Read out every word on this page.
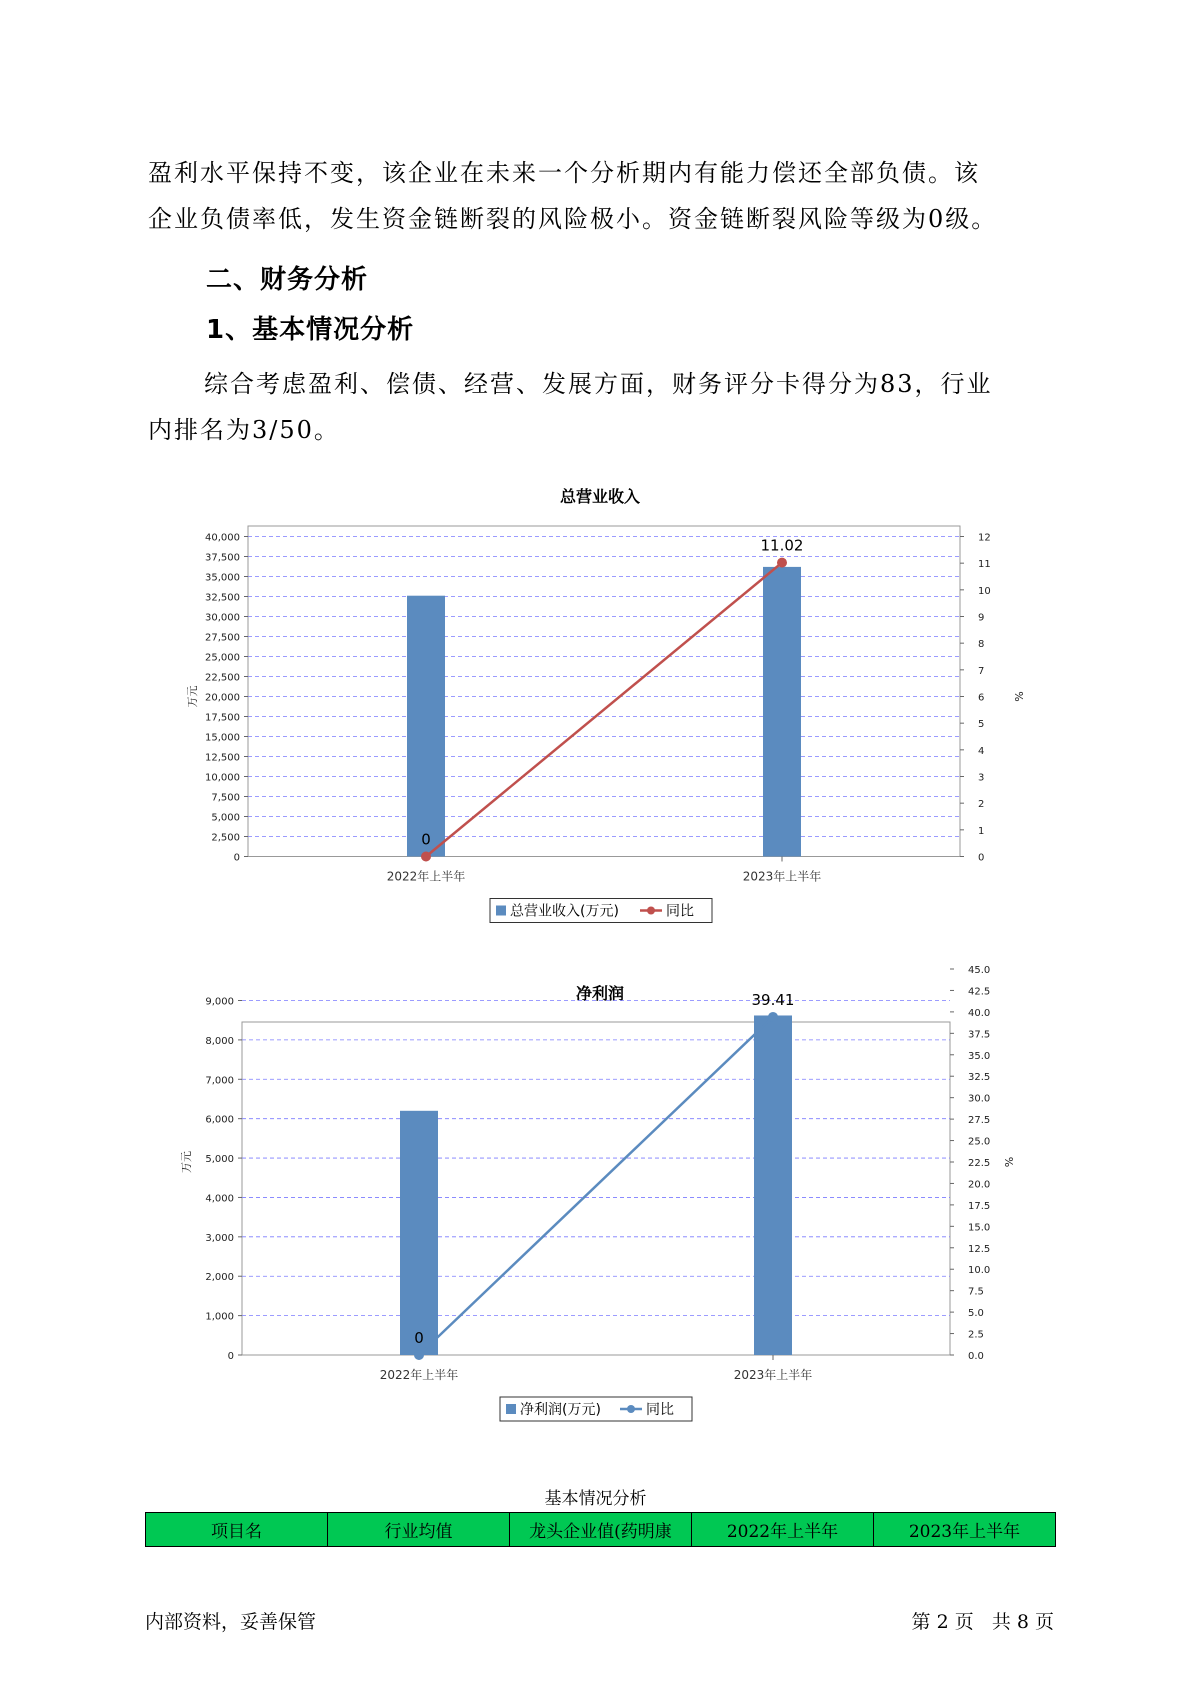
盈利水平保持不变，该企业在未来一个分析期内有能力偿还全部负债。该

企业负债率低，发生资金链断裂的风险极小。资金链断裂风险等级为0级。

二、财务分析
1、基本情况分析

综合考虑盈利、偿债、经营、发展方面，财务评分卡得分为83，行业

内排名为3/50。

总营业收入
0
2,500
5,000
7,500
10,000
12,500
15,000
17,500
20,000
22,500
25,000
27,500
30,000
32,500
35,000
37,500
40,000
0
1
2
3
4
5
6
7
8
9
10
11
12
万元	%
2022年上半年	2023年上半年
0
11.02
总营业收入(万元)	同比
净利润
0
1,000
2,000
3,000
4,000
5,000
6,000
7,000
8,000
9,000
0.0
2.5
5.0
7.5
10.0
12.5
15.0
17.5
20.0
22.5
25.0
27.5
30.0
32.5
35.0
37.5
40.0
42.5
45.0
万元	%
2022年上半年	2023年上半年
0
39.41
净利润(万元)	同比
基本情况分析
项目名	行业均值	龙头企业值(药明康	2022年上半年	2023年上半年
内部资料，妥善保管	第 2 页   共 8 页
